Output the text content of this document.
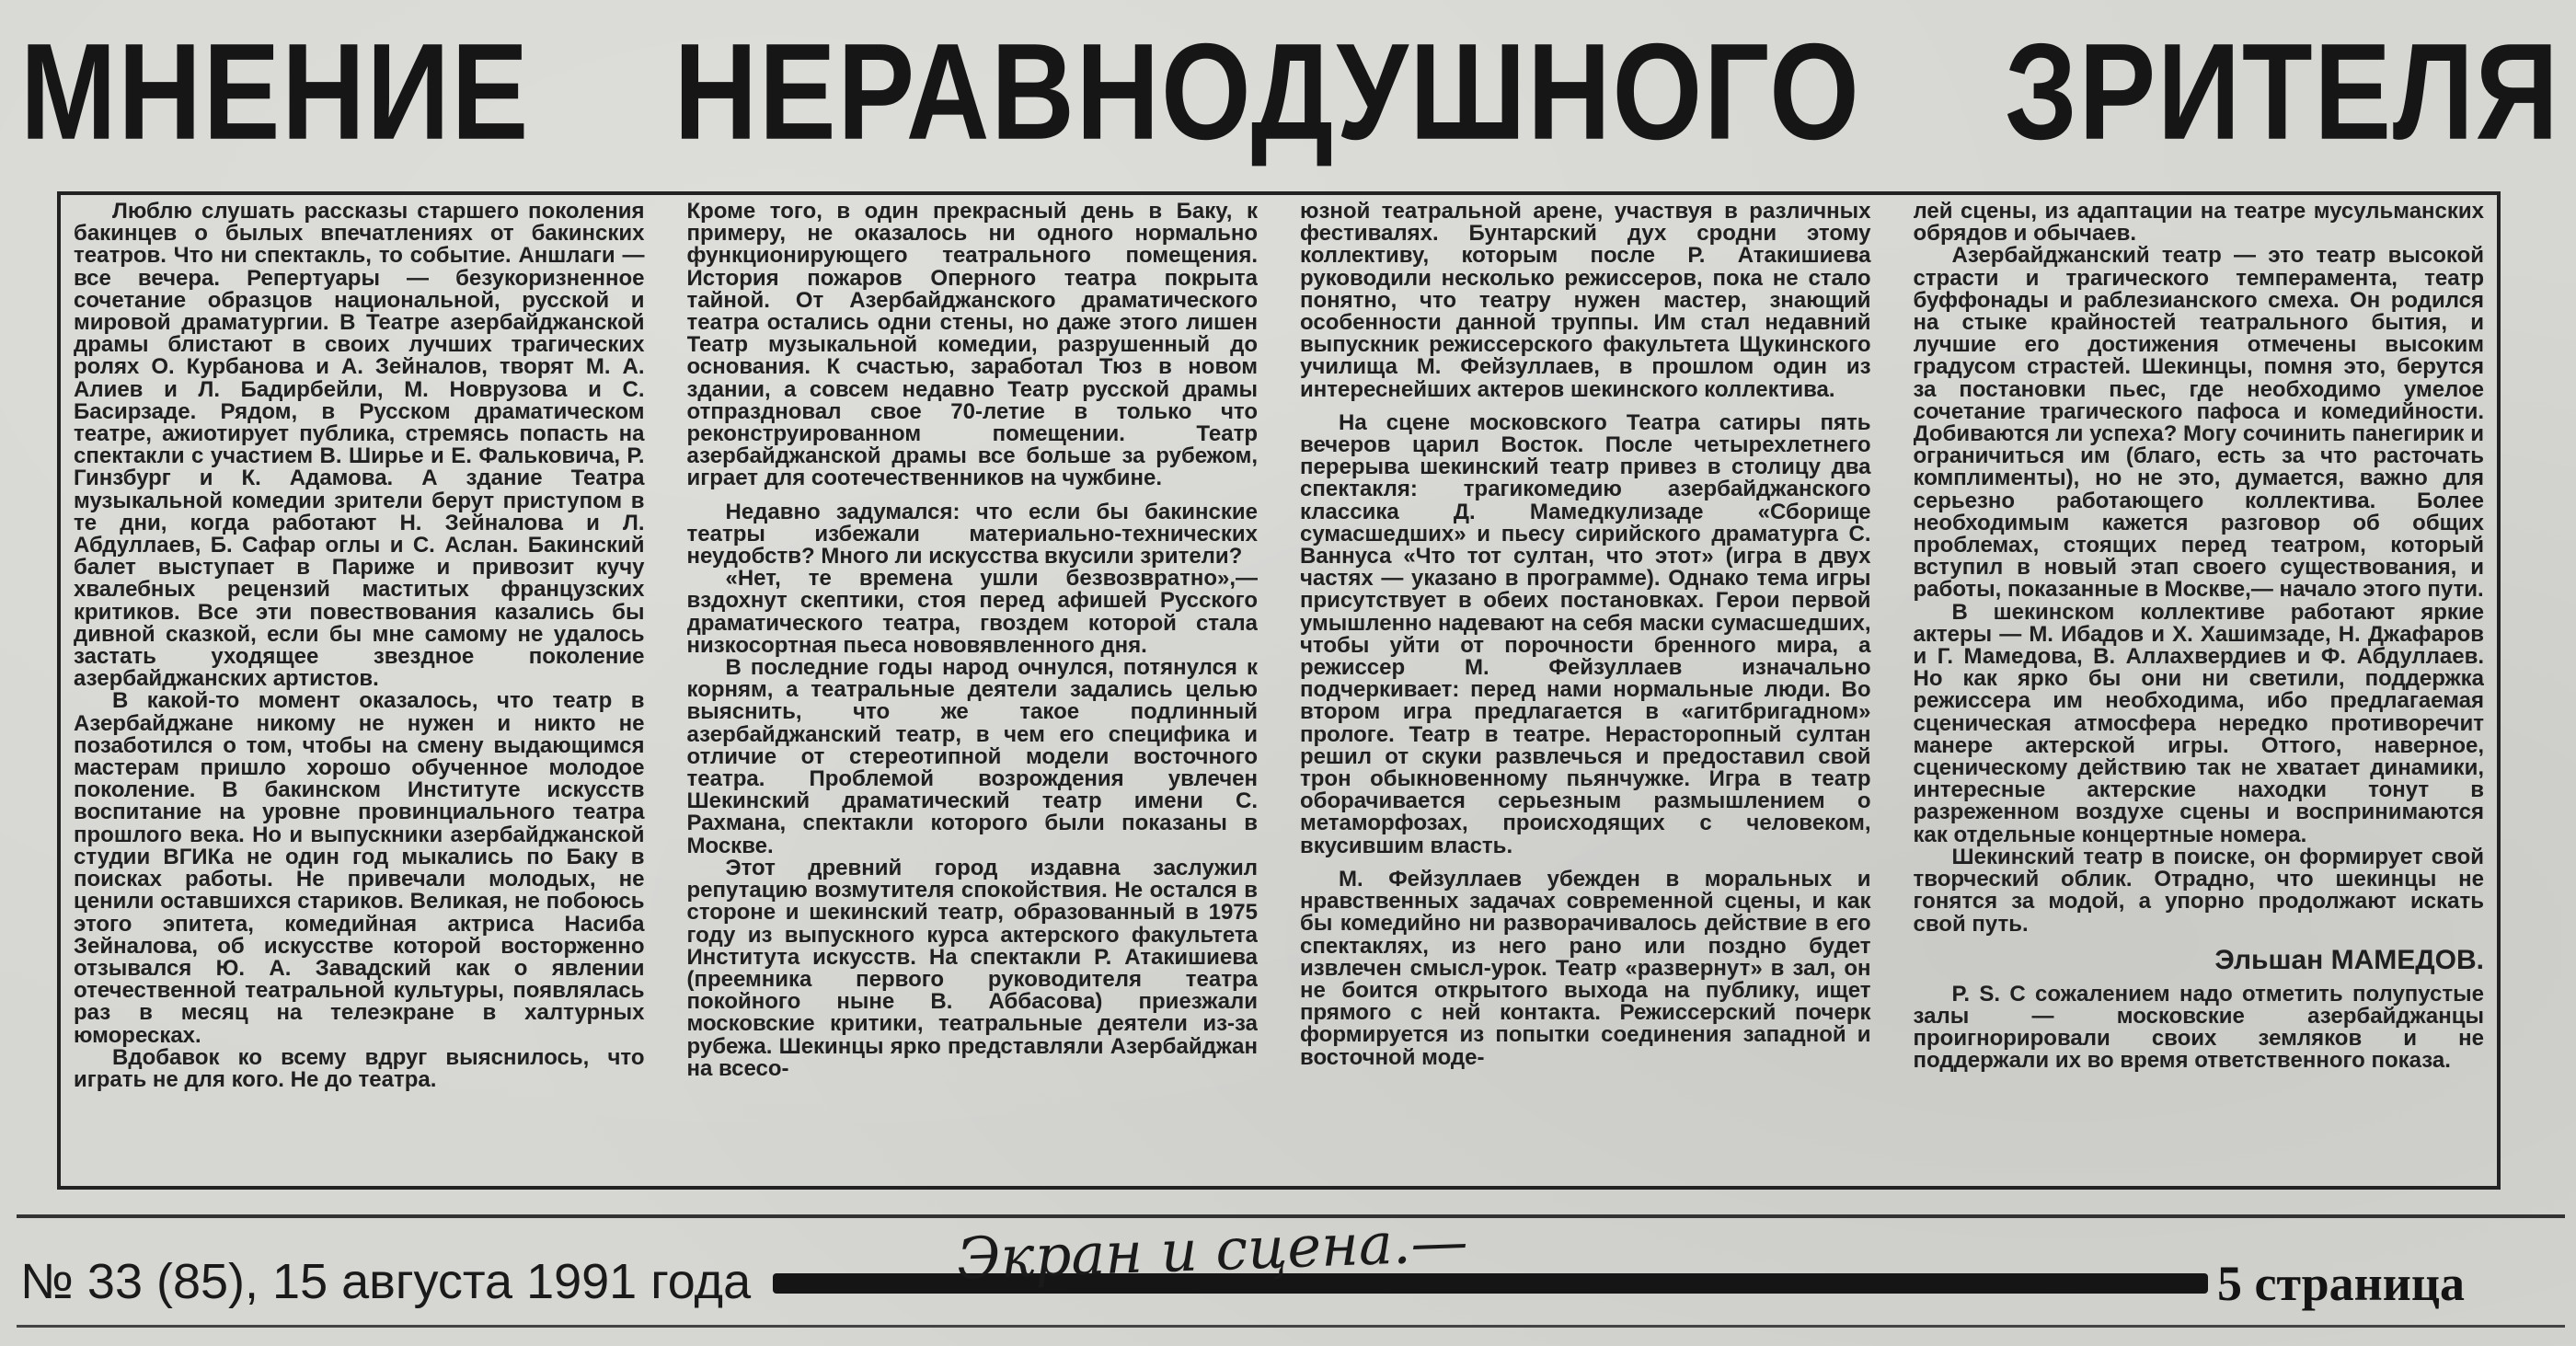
МНЕНИЕ НЕРАВНОДУШНОГО ЗРИТЕЛЯ

Люблю слушать рассказы старшего поколения бакинцев о былых впечатлениях от бакинских театров. Что ни спектакль, то событие. Аншлаги — все вечера. Репертуары — безукоризненное сочетание образцов национальной, русской и мировой драматургии. В Театре азербайджанской драмы блистают в своих лучших трагических ролях О. Курбанова и А. Зейналов, творят М. А. Алиев и Л. Бадирбейли, М. Новрузова и С. Басирзаде. Рядом, в Русском драматическом театре, ажиотирует публика, стремясь попасть на спектакли с участием В. Ширье и Е. Фальковича, Р. Гинзбург и К. Адамова. А здание Театра музыкальной комедии зрители берут приступом в те дни, когда работают Н. Зейналова и Л. Абдуллаев, Б. Сафар оглы и С. Аслан. Бакинский балет выступает в Париже и привозит кучу хвалебных рецензий маститых французских критиков. Все эти повествования казались бы дивной сказкой, если бы мне самому не удалось застать уходящее звездное поколение азербайджанских артистов.

В какой-то момент оказалось, что театр в Азербайджане никому не нужен и никто не позаботился о том, чтобы на смену выдающимся мастерам пришло хорошо обученное молодое поколение. В бакинском Институте искусств воспитание на уровне провинциального театра прошлого века. Но и выпускники азербайджанской студии ВГИКа не один год мыкались по Баку в поисках работы. Не привечали молодых, не ценили оставшихся стариков. Великая, не побоюсь этого эпитета, комедийная актриса Насиба Зейналова, об искусстве которой восторженно отзывался Ю. А. Завадский как о явлении отечественной театральной культуры, появлялась раз в месяц на телеэкране в халтурных юморесках.

Вдобавок ко всему вдруг выяснилось, что играть не для кого. Не до театра.

Кроме того, в один прекрасный день в Баку, к примеру, не оказалось ни одного нормально функционирующего театрального помещения. История пожаров Оперного театра покрыта тайной. От Азербайджанского драматического театра остались одни стены, но даже этого лишен Театр музыкальной комедии, разрушенный до основания. К счастью, заработал Тюз в новом здании, а совсем недавно Театр русской драмы отпраздновал свое 70-летие в только что реконструированном помещении. Театр азербайджанской драмы все больше за рубежом, играет для соотечественников на чужбине.

Недавно задумался: что если бы бакинские театры избежали материально-технических неудобств? Много ли искусства вкусили зрители?

«Нет, те времена ушли безвозвратно»,— вздохнут скептики, стоя перед афишей Русского драматического театра, гвоздем которой стала низкосортная пьеса нововявленного дня.

В последние годы народ очнулся, потянулся к корням, а театральные деятели задались целью выяснить, что же такое подлинный азербайджанский театр, в чем его специфика и отличие от стереотипной модели восточного театра. Проблемой возрождения увлечен Шекинский драматический театр имени С. Рахмана, спектакли которого были показаны в Москве.

Этот древний город издавна заслужил репутацию возмутителя спокойствия. Не остался в стороне и шекинский театр, образованный в 1975 году из выпускного курса актерского факультета Института искусств. На спектакли Р. Атакишиева (преемника первого руководителя театра покойного ныне В. Аббасова) приезжали московские критики, театральные деятели из-за рубежа. Шекинцы ярко представляли Азербайджан на всесо-

юзной театральной арене, участвуя в различных фестивалях. Бунтарский дух сродни этому коллективу, которым после Р. Атакишиева руководили несколько режиссеров, пока не стало понятно, что театру нужен мастер, знающий особенности данной труппы. Им стал недавний выпускник режиссерского факультета Щукинского училища М. Фейзуллаев, в прошлом один из интереснейших актеров шекинского коллектива.

На сцене московского Театра сатиры пять вечеров царил Восток. После четырехлетнего перерыва шекинский театр привез в столицу два спектакля: трагикомедию азербайджанского классика Д. Мамедкулизаде «Сборище сумасшедших» и пьесу сирийского драматурга С. Ваннуса «Что тот султан, что этот» (игра в двух частях — указано в программе). Однако тема игры присутствует в обеих постановках. Герои первой умышленно надевают на себя маски сумасшедших, чтобы уйти от порочности бренного мира, а режиссер М. Фейзуллаев изначально подчеркивает: перед нами нормальные люди. Во втором игра предлагается в «агитбригадном» прологе. Театр в театре. Нерасторопный султан решил от скуки развлечься и предоставил свой трон обыкновенному пьянчужке. Игра в театр оборачивается серьезным размышлением о метаморфозах, происходящих с человеком, вкусившим власть.

М. Фейзуллаев убежден в моральных и нравственных задачах современной сцены, и как бы комедийно ни разворачивалось действие в его спектаклях, из него рано или поздно будет извлечен смысл-урок. Театр «развернут» в зал, он не боится открытого выхода на публику, ищет прямого с ней контакта. Режиссерский почерк формируется из попытки соединения западной и восточной моде-

лей сцены, из адаптации на театре мусульманских обрядов и обычаев.

Азербайджанский театр — это театр высокой страсти и трагического темперамента, театр буффонады и раблезианского смеха. Он родился на стыке крайностей театрального бытия, и лучшие его достижения отмечены высоким градусом страстей. Шекинцы, помня это, берутся за постановки пьес, где необходимо умелое сочетание трагического пафоса и комедийности. Добиваются ли успеха? Могу сочинить панегирик и ограничиться им (благо, есть за что расточать комплименты), но не это, думается, важно для серьезно работающего коллектива. Более необходимым кажется разговор об общих проблемах, стоящих перед театром, который вступил в новый этап своего существования, и работы, показанные в Москве,— начало этого пути.

В шекинском коллективе работают яркие актеры — М. Ибадов и Х. Хашимзаде, Н. Джафаров и Г. Мамедова, В. Аллахвердиев и Ф. Абдуллаев. Но как ярко бы они ни светили, поддержка режиссера им необходима, ибо предлагаемая сценическая атмосфера нередко противоречит манере актерской игры. Оттого, наверное, сценическому действию так не хватает динамики, интересные актерские находки тонут в разреженном воздухе сцены и воспринимаются как отдельные концертные номера.

Шекинский театр в поиске, он формирует свой творческий облик. Отрадно, что шекинцы не гонятся за модой, а упорно продолжают искать свой путь.

Эльшан МАМЕДОВ.

P. S. С сожалением надо отметить полупустые залы — московские азербайджанцы проигнорировали своих земляков и не поддержали их во время ответственного показа.

№ 33 (85), 15 августа 1991 года	Экран и сцена.—	5 страница
